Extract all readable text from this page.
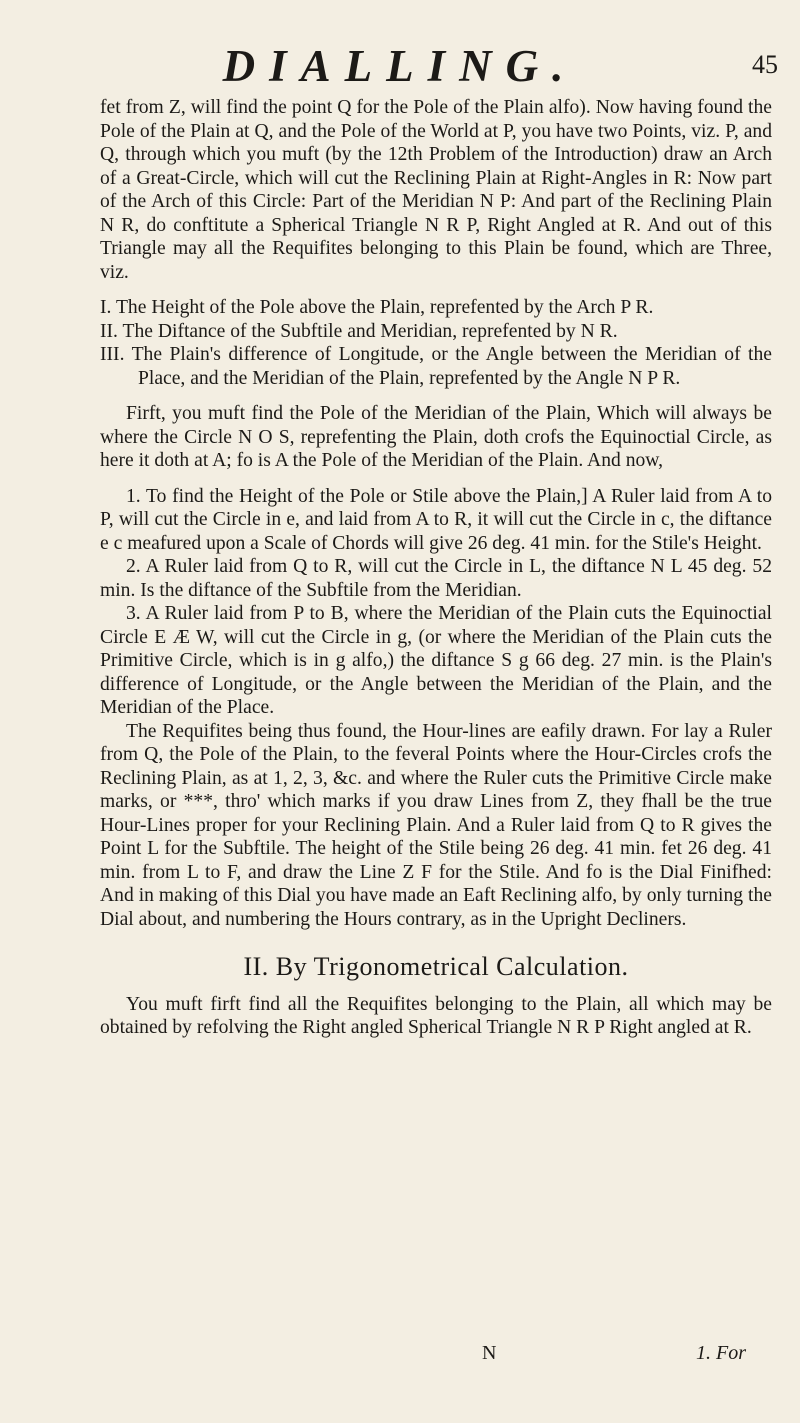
DIALLING.	45

fet from Z, will find the point Q for the Pole of the Plain alfo). Now having found the Pole of the Plain at Q, and the Pole of the World at P, you have two Points, viz. P, and Q, through which you muft (by the 12th Problem of the Introduction) draw an Arch of a Great-Circle, which will cut the Reclining Plain at Right-Angles in R: Now part of the Arch of this Circle: Part of the Meridian N P: And part of the Reclining Plain N R, do conftitute a Spherical Triangle N R P, Right Angled at R. And out of this Triangle may all the Requifites belonging to this Plain be found, which are Three, viz.

I. The Height of the Pole above the Plain, reprefented by the Arch P R.

II. The Diftance of the Subftile and Meridian, reprefented by N R.

III. The Plain's difference of Longitude, or the Angle between the Meridian of the Place, and the Meridian of the Plain, reprefented by the Angle N P R.

Firft, you muft find the Pole of the Meridian of the Plain, Which will always be where the Circle N O S, reprefenting the Plain, doth crofs the Equinoctial Circle, as here it doth at A; fo is A the Pole of the Meridian of the Plain. And now,

1. To find the Height of the Pole or Stile above the Plain,] A Ruler laid from A to P, will cut the Circle in e, and laid from A to R, it will cut the Circle in c, the diftance e c meafured upon a Scale of Chords will give 26 deg. 41 min. for the Stile's Height.

2. A Ruler laid from Q to R, will cut the Circle in L, the diftance N L 45 deg. 52 min. Is the diftance of the Subftile from the Meridian.

3. A Ruler laid from P to B, where the Meridian of the Plain cuts the Equinoctial Circle E Æ W, will cut the Circle in g, (or where the Meridian of the Plain cuts the Primitive Circle, which is in g alfo,) the diftance S g 66 deg. 27 min. is the Plain's difference of Longitude, or the Angle between the Meridian of the Plain, and the Meridian of the Place.

The Requifites being thus found, the Hour-lines are eafily drawn. For lay a Ruler from Q, the Pole of the Plain, to the feveral Points where the Hour-Circles crofs the Reclining Plain, as at 1, 2, 3, &c. and where the Ruler cuts the Primitive Circle make marks, or ***, thro' which marks if you draw Lines from Z, they fhall be the true Hour-Lines proper for your Reclining Plain. And a Ruler laid from Q to R gives the Point L for the Subftile. The height of the Stile being 26 deg. 41 min. fet 26 deg. 41 min. from L to F, and draw the Line Z F for the Stile. And fo is the Dial Finifhed: And in making of this Dial you have made an Eaft Reclining alfo, by only turning the Dial about, and numbering the Hours contrary, as in the Upright Decliners.

II. By Trigonometrical Calculation.

You muft firft find all the Requifites belonging to the Plain, all which may be obtained by refolving the Right angled Spherical Triangle N R P Right angled at R.

N	1. For
